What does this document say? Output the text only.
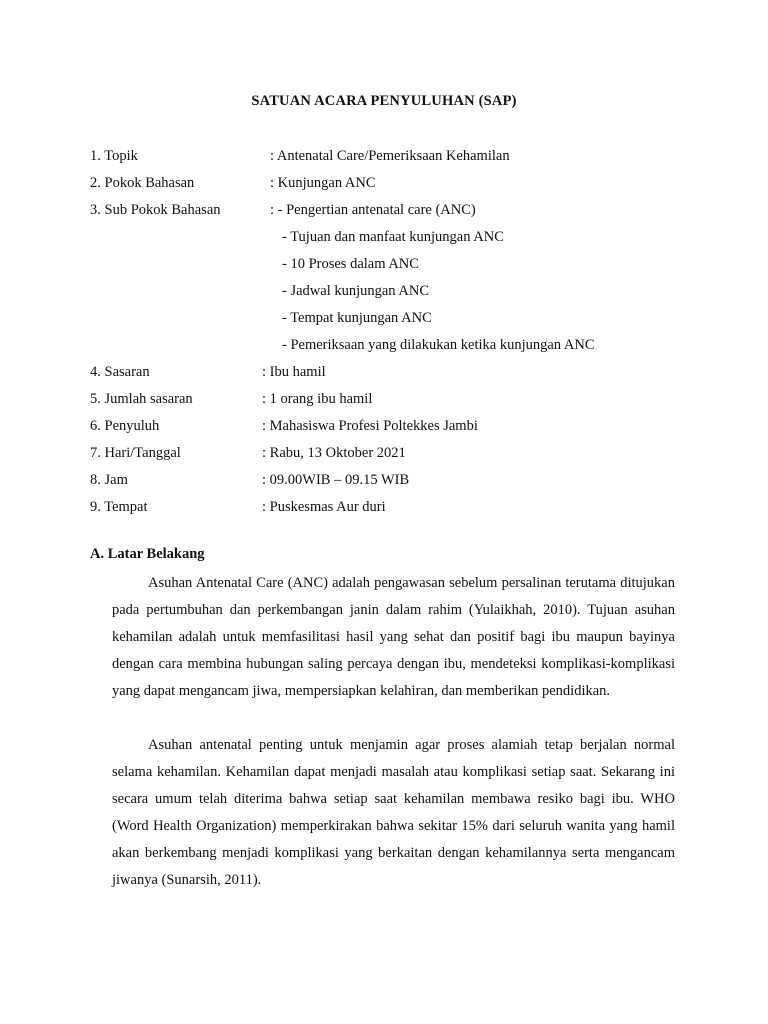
SATUAN ACARA PENYULUHAN (SAP)
1. Topik	: Antenatal Care/Pemeriksaan Kehamilan
2. Pokok Bahasan	: Kunjungan ANC
3. Sub Pokok Bahasan	: - Pengertian antenatal care (ANC)
- Tujuan dan manfaat kunjungan ANC
- 10 Proses dalam ANC
- Jadwal kunjungan ANC
- Tempat kunjungan ANC
- Pemeriksaan yang dilakukan ketika kunjungan ANC
4. Sasaran	: Ibu hamil
5. Jumlah sasaran	: 1 orang ibu hamil
6. Penyuluh	: Mahasiswa Profesi Poltekkes Jambi
7. Hari/Tanggal	: Rabu, 13 Oktober 2021
8. Jam	: 09.00WIB – 09.15 WIB
9. Tempat	: Puskesmas Aur duri
A. Latar Belakang

Asuhan Antenatal Care (ANC) adalah pengawasan sebelum persalinan terutama ditujukan pada pertumbuhan dan perkembangan janin dalam rahim (Yulaikhah, 2010). Tujuan asuhan kehamilan adalah untuk memfasilitasi hasil yang sehat dan positif bagi ibu maupun bayinya dengan cara membina hubungan saling percaya dengan ibu, mendeteksi komplikasi-komplikasi yang dapat mengancam jiwa, mempersiapkan kelahiran, dan memberikan pendidikan.

Asuhan antenatal penting untuk menjamin agar proses alamiah tetap berjalan normal selama kehamilan. Kehamilan dapat menjadi masalah atau komplikasi setiap saat. Sekarang ini secara umum telah diterima bahwa setiap saat kehamilan membawa resiko bagi ibu. WHO (Word Health Organization) memperkirakan bahwa sekitar 15% dari seluruh wanita yang hamil akan berkembang menjadi komplikasi yang berkaitan dengan kehamilannya serta mengancam jiwanya (Sunarsih, 2011).
